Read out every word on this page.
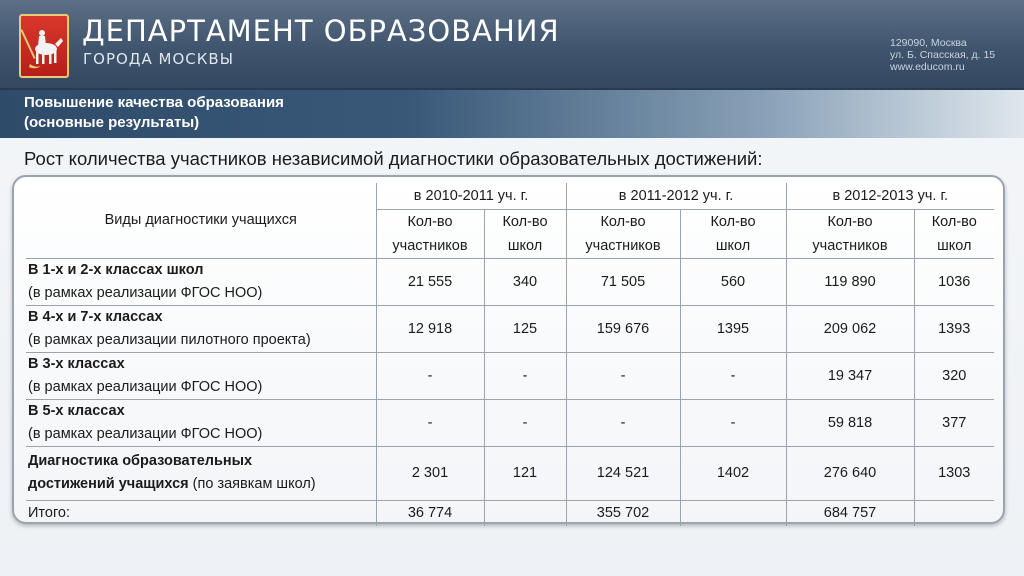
ДЕПАРТАМЕНТ ОБРАЗОВАНИЯ
ГОРОДА МОСКВЫ
129090, Москва
ул. Б. Спасская, д. 15
www.educom.ru
Повышение качества образования
(основные результаты)
Рост количества участников независимой диагностики образовательных достижений:
Виды диагностики учащихся	в 2010-2011 уч. г.		в 2011-2012 уч. г.		в 2012-2013 уч. г.	
	Кол-во	Кол-во	Кол-во	Кол-во	Кол-во	Кол-во
	участников	школ	участников	школ	участников	школ

В 1-х и 2-х классах школ
(в рамках реализации ФГОС НОО)	21 555	340	71 505	560	119 890	1036

В 4-х и 7-х классах
(в рамках реализации пилотного проекта)	12 918	125	159 676	1395	209 062	1393

В 3-х классах
(в рамках реализации ФГОС НОО)	-	-	-	-	19 347	320

В 5-х классах
(в рамках реализации ФГОС НОО)	-	-	-	-	59 818	377

Диагностика образовательных
достижений учащихся (по заявкам школ)	2 301	121	124 521	1402	276 640	1303
Итого:	36 774		355 702		684 757	
